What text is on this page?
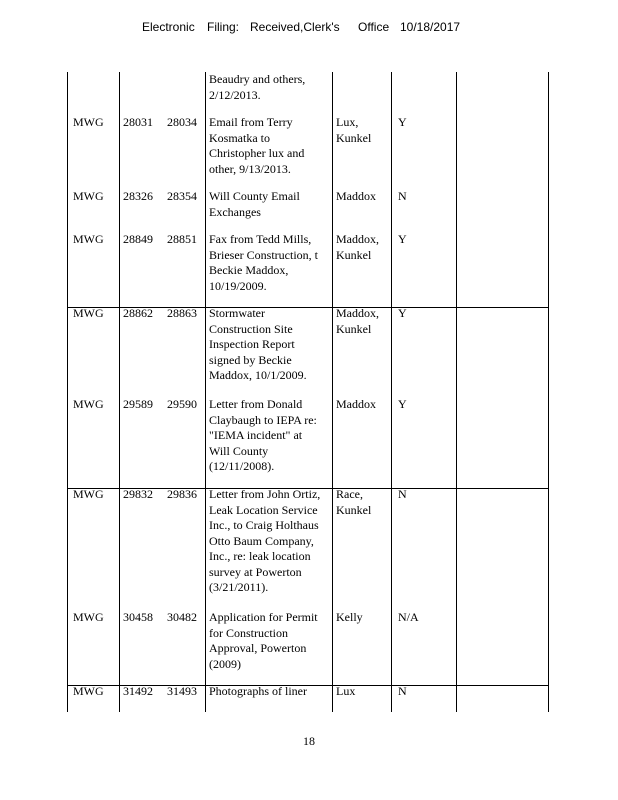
Electronic Filing: Received,Clerk's Office 10/18/2017
Beaudry and others,
2/12/2013.
MWG 28031 28034 Email from Terry
Kosmatka to
Christopher lux and
other, 9/13/2013.
Lux,
Kunkel
Y
MWG 28326 28354 Will County Email
Exchanges
Maddox N
MWG 28849 28851 Fax from Tedd Mills,
Brieser Construction, t
Beckie Maddox,
10/19/2009.
Maddox,
Kunkel
Y
MWG 28862 28863 Stormwater
Construction Site
Inspection Report
signed by Beckie
Maddox, 10/1/2009.
Maddox,
Kunkel
Y
MWG 29589 29590 Letter from Donald
Claybaugh to IEPA re:
"IEMA incident" at
Will County
(12/11/2008).
Maddox Y
MWG 29832 29836 Letter from John Ortiz,
Leak Location Service
Inc., to Craig Holthaus
Otto Baum Company,
Inc., re: leak location
survey at Powerton
(3/21/2011).
Race,
Kunkel
N
MWG 30458 30482 Application for Permit
for Construction
Approval, Powerton
(2009)
Kelly	N/A
MWG 31492 31493 Photographs of liner Lux	N
18
